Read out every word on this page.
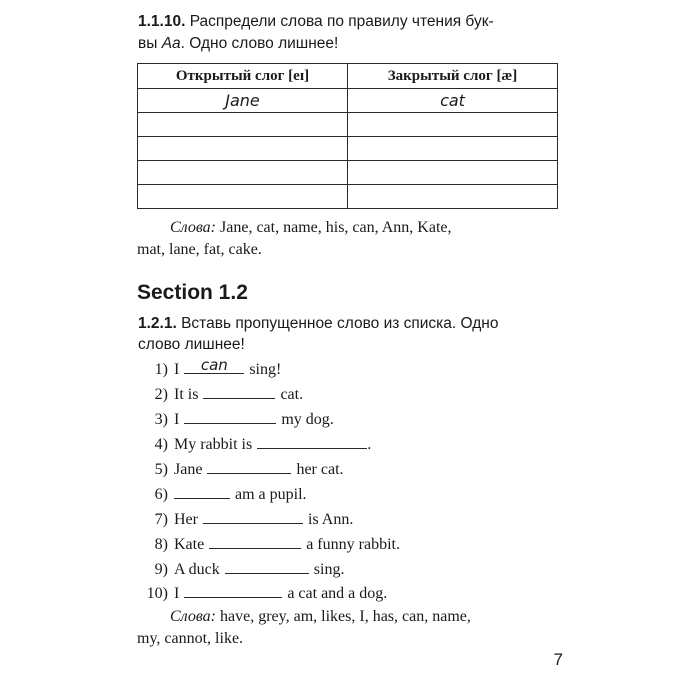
1.1.10. Распредели слова по правилу чтения бук-
вы Aa. Одно слово лишнее!
Открытый слог [eɪ]	Закрытый слог [æ]
Jane	cat

Слова: Jane, cat, name, his, can, Ann, Kate,
mat, lane, fat, cake.
Section 1.2
1.2.1. Вставь пропущенное слово из списка. Одно
слово лишнее!
1) I	can	sing!
2) It is	cat.
3) I	my dog.
4) My rabbit is	.
5) Jane	her cat.
6)	am a pupil.
7) Her	is Ann.
8) Kate	a funny rabbit.
9) A duck	sing.
10) I	a cat and a dog.
Слова: have, grey, am, likes, I, has, can, name,
my, cannot, like.
7
